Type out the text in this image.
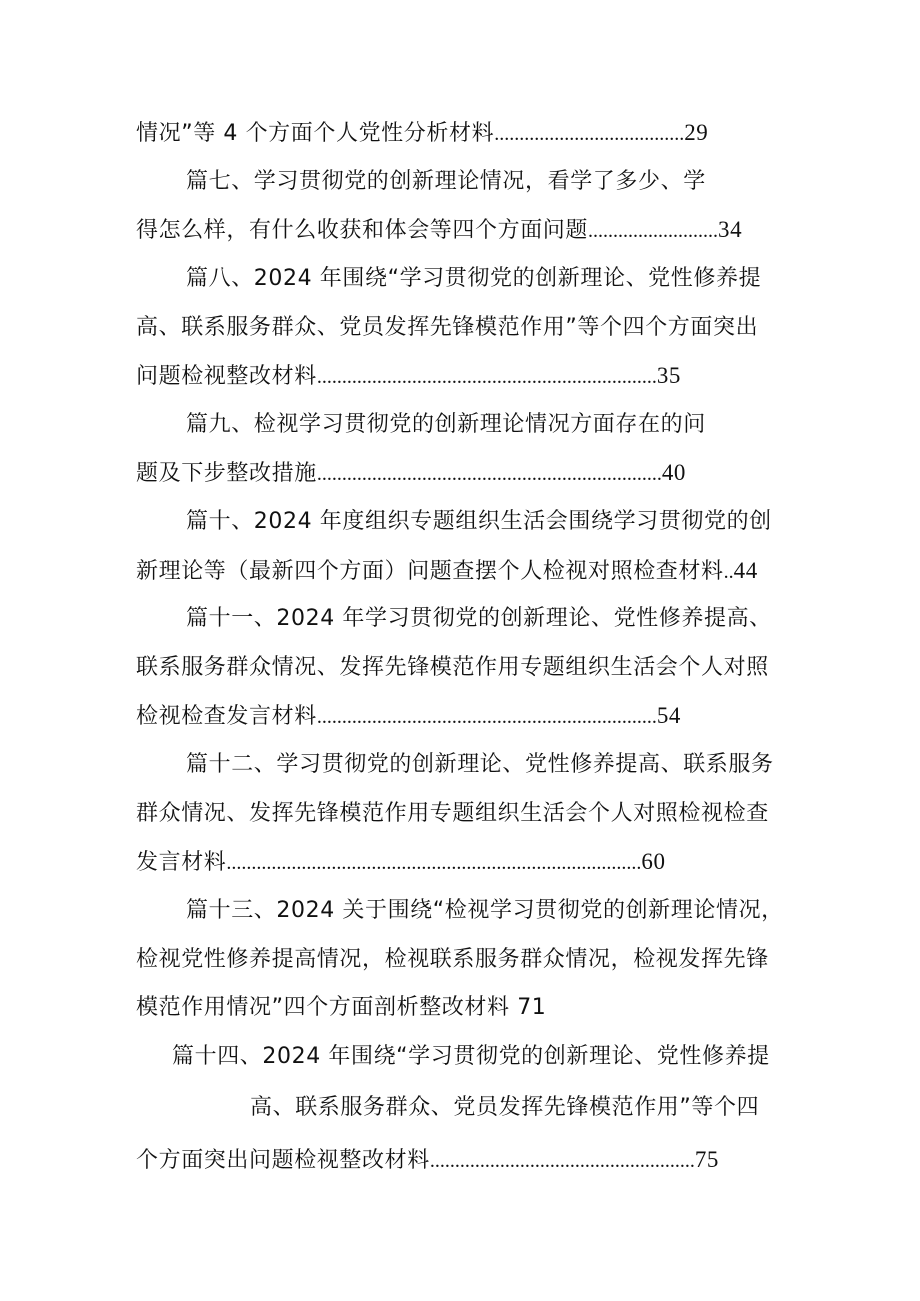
情况”等 4 个方面个人党性分析材料......................................29
篇七、学习贯彻党的创新理论情况，看学了多少、学
得怎么样，有什么收获和体会等四个方面问题..........................34
篇八、2024 年围绕“学习贯彻党的创新理论、党性修养提
高、联系服务群众、党员发挥先锋模范作用”等个四个方面突出
问题检视整改材料....................................................................35
篇九、检视学习贯彻党的创新理论情况方面存在的问
题及下步整改措施.....................................................................40
篇十、2024 年度组织专题组织生活会围绕学习贯彻党的创
新理论等（最新四个方面）问题查摆个人检视对照检查材料..44
篇十一、2024 年学习贯彻党的创新理论、党性修养提高、
联系服务群众情况、发挥先锋模范作用专题组织生活会个人对照
检视检查发言材料....................................................................54
篇十二、学习贯彻党的创新理论、党性修养提高、联系服务
群众情况、发挥先锋模范作用专题组织生活会个人对照检视检查
发言材料...................................................................................60
篇十三、2024 关于围绕“检视学习贯彻党的创新理论情况，
检视党性修养提高情况，检视联系服务群众情况，检视发挥先锋
模范作用情况”四个方面剖析整改材料 71
篇十四、2024 年围绕“学习贯彻党的创新理论、党性修养提
高、联系服务群众、党员发挥先锋模范作用”等个四
个方面突出问题检视整改材料.....................................................75
